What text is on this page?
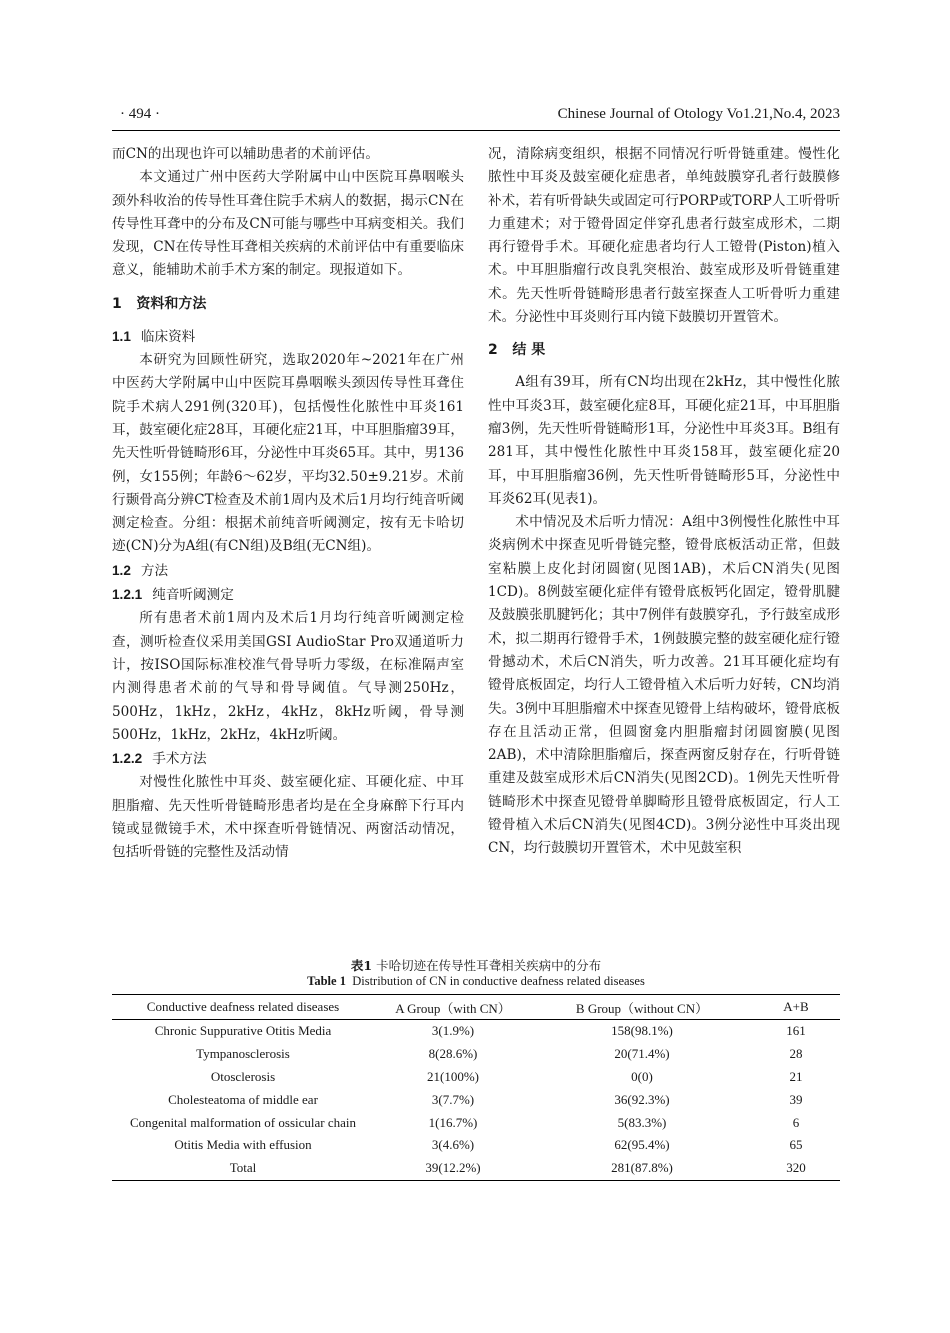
· 494 ·	Chinese Journal of Otology Vo1.21,No.4, 2023

而CN的出现也许可以辅助患者的术前评估。

本文通过广州中医药大学附属中山中医院耳鼻咽喉头颈外科收治的传导性耳聋住院手术病人的数据，揭示CN在传导性耳聋中的分布及CN可能与哪些中耳病变相关。我们发现，CN在传导性耳聋相关疾病的术前评估中有重要临床意义，能辅助术前手术方案的制定。现报道如下。

1 资料和方法
1.1 临床资料

本研究为回顾性研究，选取2020年~2021年在广州中医药大学附属中山中医院耳鼻咽喉头颈因传导性耳聋住院手术病人291例(320耳)，包括慢性化脓性中耳炎161耳，鼓室硬化症28耳，耳硬化症21耳，中耳胆脂瘤39耳，先天性听骨链畸形6耳，分泌性中耳炎65耳。其中，男136例，女155例；年龄6～62岁，平均32.50±9.21岁。术前行颞骨高分辨CT检查及术前1周内及术后1月均行纯音听阈测定检查。分组：根据术前纯音听阈测定，按有无卡哈切迹(CN)分为A组(有CN组)及B组(无CN组)。

1.2 方法
1.2.1 纯音听阈测定

所有患者术前1周内及术后1月均行纯音听阈测定检查，测听检查仪采用美国GSI AudioStar Pro双通道听力计，按ISO国际标准校准气骨导听力零级，在标准隔声室内测得患者术前的气导和骨导阈值。气导测250Hz，500Hz，1kHz，2kHz，4kHz，8kHz听阈，骨导测500Hz，1kHz，2kHz，4kHz听阈。

1.2.2 手术方法

对慢性化脓性中耳炎、鼓室硬化症、耳硬化症、中耳胆脂瘤、先天性听骨链畸形患者均是在全身麻醉下行耳内镜或显微镜手术，术中探查听骨链情况、两窗活动情况，包括听骨链的完整性及活动情

况，清除病变组织，根据不同情况行听骨链重建。慢性化脓性中耳炎及鼓室硬化症患者，单纯鼓膜穿孔者行鼓膜修补术，若有听骨缺失或固定可行PORP或TORP人工听骨听力重建术；对于镫骨固定伴穿孔患者行鼓室成形术，二期再行镫骨手术。耳硬化症患者均行人工镫骨(Piston)植入术。中耳胆脂瘤行改良乳突根治、鼓室成形及听骨链重建术。先天性听骨链畸形患者行鼓室探查人工听骨听力重建术。分泌性中耳炎则行耳内镜下鼓膜切开置管术。

2 结 果

A组有39耳，所有CN均出现在2kHz，其中慢性化脓性中耳炎3耳，鼓室硬化症8耳，耳硬化症21耳，中耳胆脂瘤3例，先天性听骨链畸形1耳，分泌性中耳炎3耳。B组有281耳，其中慢性化脓性中耳炎158耳，鼓室硬化症20耳，中耳胆脂瘤36例，先天性听骨链畸形5耳，分泌性中耳炎62耳(见表1)。

术中情况及术后听力情况：A组中3例慢性化脓性中耳炎病例术中探查见听骨链完整，镫骨底板活动正常，但鼓室粘膜上皮化封闭圆窗(见图1AB)，术后CN消失(见图1CD)。8例鼓室硬化症伴有镫骨底板钙化固定，镫骨肌腱及鼓膜张肌腱钙化；其中7例伴有鼓膜穿孔，予行鼓室成形术，拟二期再行镫骨手术，1例鼓膜完整的鼓室硬化症行镫骨撼动术，术后CN消失，听力改善。21耳耳硬化症均有镫骨底板固定，均行人工镫骨植入术后听力好转，CN均消失。3例中耳胆脂瘤术中探查见镫骨上结构破坏，镫骨底板存在且活动正常，但圆窗龛内胆脂瘤封闭圆窗膜(见图2AB)，术中清除胆脂瘤后，探查两窗反射存在，行听骨链重建及鼓室成形术后CN消失(见图2CD)。1例先天性听骨链畸形术中探查见镫骨单脚畸形且镫骨底板固定，行人工镫骨植入术后CN消失(见图4CD)。3例分泌性中耳炎出现CN，均行鼓膜切开置管术，术中见鼓室积

表1 卡哈切迹在传导性耳聋相关疾病中的分布
Table 1 Distribution of CN in conductive deafness related diseases
Conductive deafness related diseases	A Group（with CN）	B Group（without CN）	A+B
Chronic Suppurative Otitis Media	3(1.9%)	158(98.1%)	161
Tympanosclerosis	8(28.6%)	20(71.4%)	28
Otosclerosis	21(100%)	0(0)	21
Cholesteatoma of middle ear	3(7.7%)	36(92.3%)	39
Congenital malformation of ossicular chain	1(16.7%)	5(83.3%)	6
Otitis Media with effusion	3(4.6%)	62(95.4%)	65
Total	39(12.2%)	281(87.8%)	320
